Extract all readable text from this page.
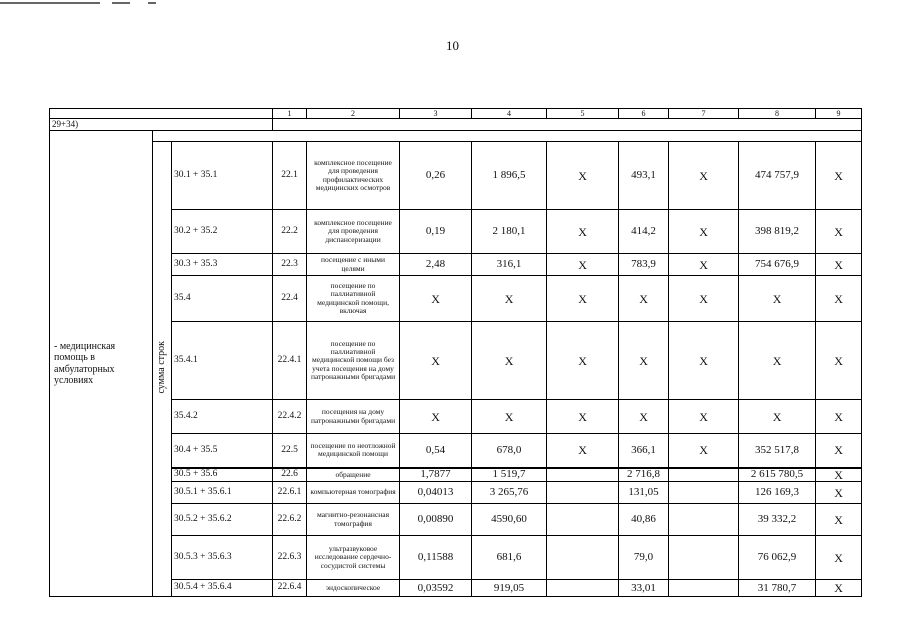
10
			1	2	3	4	5	6	7	8	9
29+34)											
- медицинская помощь в амбулаторных условиях											
	сумма строк	30.1 + 35.1	22.1	комплексное посещение для проведения профилактических медицинских осмотров	0,26	1 896,5	X	493,1	X	474 757,9	X
		30.2 + 35.2	22.2	комплексное посещение для проведения диспансеризации	0,19	2 180,1	X	414,2	X	398 819,2	X
		30.3 + 35.3	22.3	посещение с иными целями	2,48	316,1	X	783,9	X	754 676,9	X
		35.4	22.4	посещение по паллиативной медицинской помощи, включая	X	X	X	X	X	X	X
		35.4.1	22.4.1	посещение по паллиативной медицинской помощи без учета посещения на дому патронажными бригадами	X	X	X	X	X	X	X
		35.4.2	22.4.2	посещения на дому патронажными бригадами	X	X	X	X	X	X	X
		30.4 + 35.5	22.5	посещение по неотложной медицинской помощи	0,54	678,0	X	366,1	X	352 517,8	X
		30.5 + 35.6	22.6	обращение	1,7877	1 519,7		2 716,8		2 615 780,5	X
		30.5.1 + 35.6.1	22.6.1	компьютерная томография	0,04013	3 265,76		131,05		126 169,3	X
		30.5.2 + 35.6.2	22.6.2	магнитно-резонансная томография	0,00890	4590,60		40,86		39 332,2	X
		30.5.3 + 35.6.3	22.6.3	ультразвуковое исследование сердечно-сосудистой системы	0,11588	681,6		79,0		76 062,9	X
		30.5.4 + 35.6.4	22.6.4	эндоскопическое	0,03592	919,05		33,01		31 780,7	X
